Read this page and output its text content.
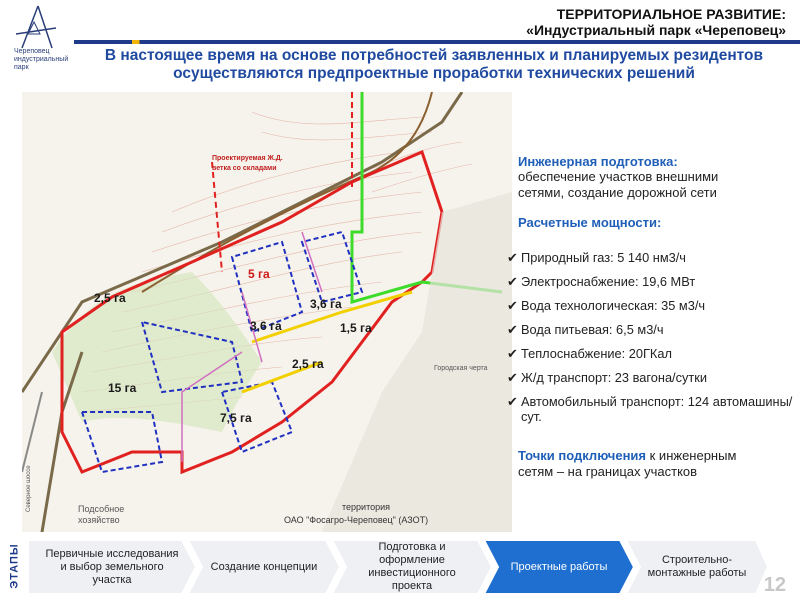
Череповец
индустриальный
парк
ТЕРРИТОРИАЛЬНОЕ РАЗВИТИЕ:
«Индустриальный парк «Череповец»
В настоящее время на основе потребностей заявленных и планируемых резидентов осуществляются предпроектные проработки технических решений
Проектируемая Ж.Д.
ветка со складами
5 га
2,5 га	3,6 га
3,6 га	1,5 га
2,5 га
15 га
7,5 га
Городская черта
Подсобное
хозяйство
территория
ОАО "Фосагро-Череповец" (АЗОТ)
Северное шоссе
Инженерная подготовка:
обеспечение участков внешними
сетями, создание дорожной сети
Расчетные мощности:
✔ Природный газ: 5 140 нм3/ч
✔ Электроснабжение: 19,6 МВт
✔ Вода технологическая: 35 м3/ч
✔ Вода питьевая: 6,5 м3/ч
✔ Теплоснабжение: 20ГКал
✔ Ж/д транспорт: 23 вагона/сутки
✔ Автомобильный транспорт: 124 автомашины/сут.
Точки подключения к инженерным
сетям – на границах участков
ЭТАПЫ	Первичные исследования и выбор земельного участка
Создание концепции
Подготовка и оформление инвестиционного проекта
Проектные работы
Строительно-монтажные работы
12
